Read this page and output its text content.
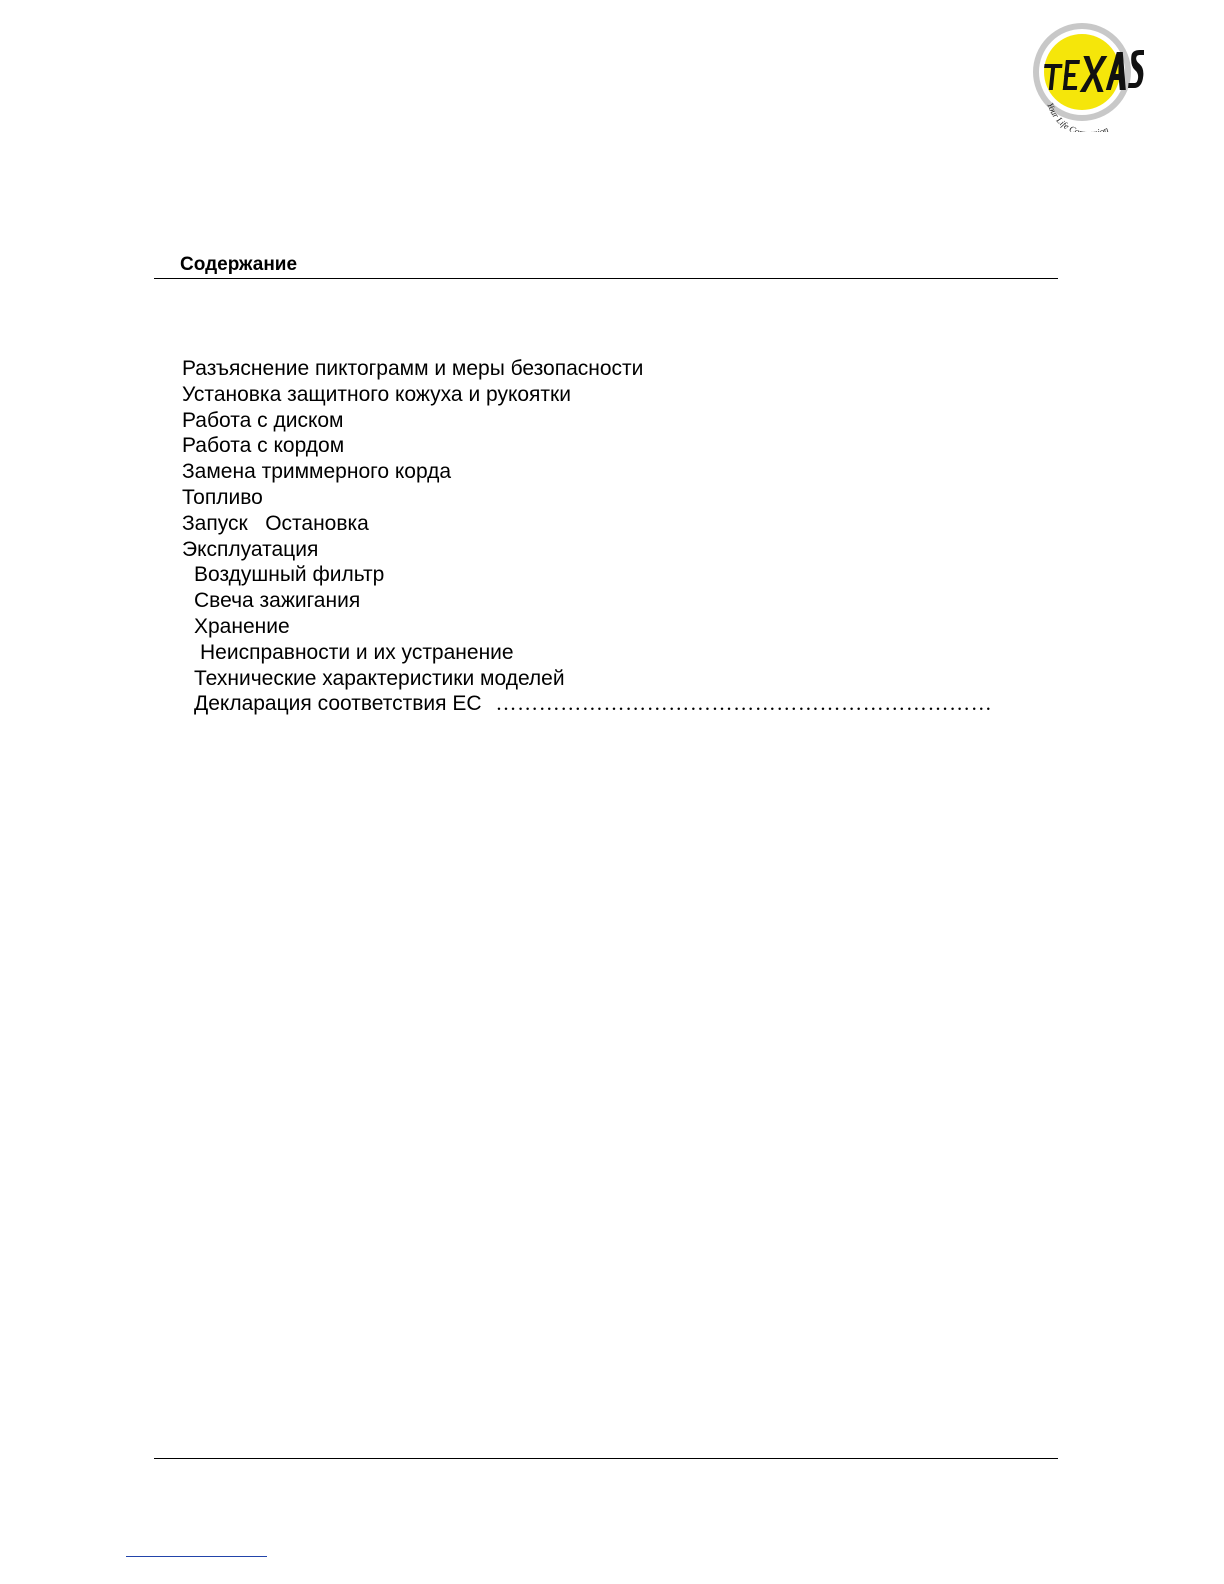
Your Life Co on
Содержание
Разъяснение пиктограмм и меры безопасности
Установка защитного кожуха и рукоятки
Работа с диском
Работа с кордом
Замена триммерного корда
Топливо
Запуск   Остановка
Эксплуатация
Воздушный фильтр
Свеча зажигания
Хранение
Неисправности и их устранение
Технические характеристики моделей
Декларация соответствия ЕС ……………………………………………………………
